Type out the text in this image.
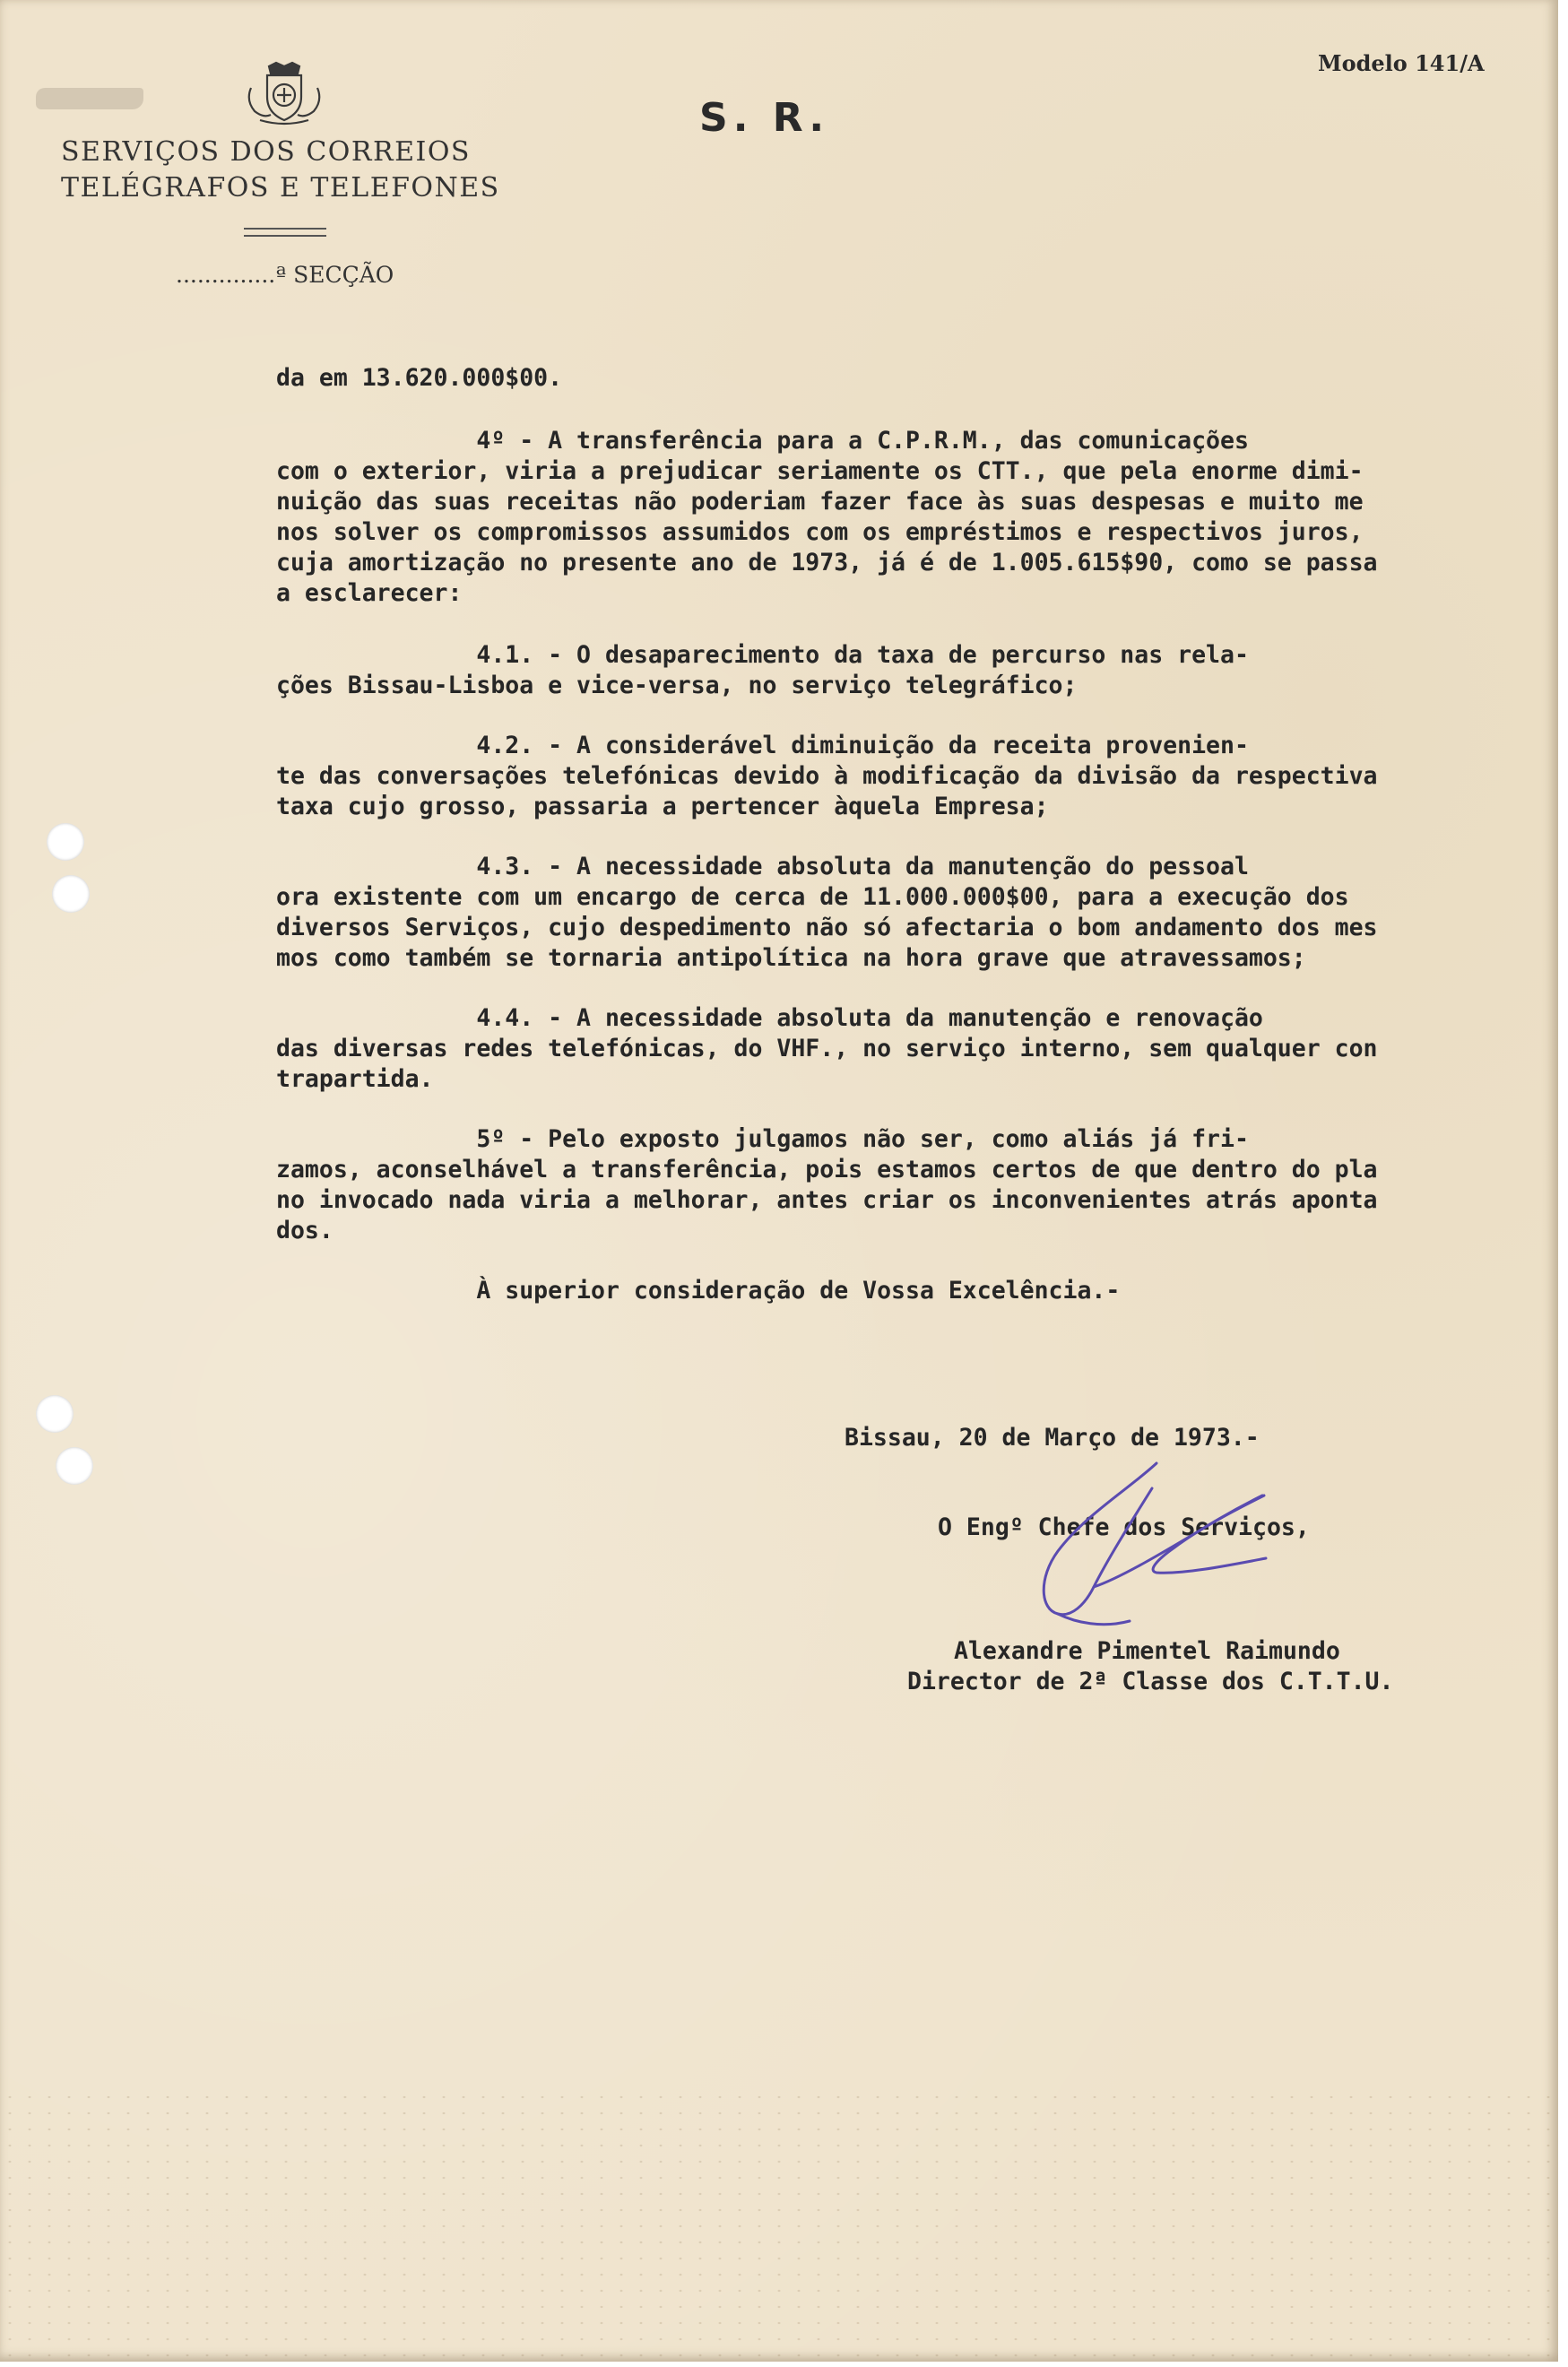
SERVIÇOS DOS CORREIOS
TELÉGRAFOS E TELEFONES
..............ª SECÇÃO
S. R.
Modelo 141/A
da em 13.620.000$00.
4º - A transferência para a C.P.R.M., das comunicações
com o exterior, viria a prejudicar seriamente os CTT., que pela enorme dimi-
nuição das suas receitas não poderiam fazer face às suas despesas e muito me
nos solver os compromissos assumidos com os empréstimos e respectivos juros,
cuja amortização no presente ano de 1973, já é de 1.005.615$90, como se passa
a esclarecer:
4.1. - O desaparecimento da taxa de percurso nas rela-
ções Bissau-Lisboa e vice-versa, no serviço telegráfico;
4.2. - A considerável diminuição da receita provenien-
te das conversações telefónicas devido à modificação da divisão da respectiva
taxa cujo grosso, passaria a pertencer àquela Empresa;
4.3. - A necessidade absoluta da manutenção do pessoal
ora existente com um encargo de cerca de 11.000.000$00, para a execução dos
diversos Serviços, cujo despedimento não só afectaria o bom andamento dos mes
mos como também se tornaria antipolítica na hora grave que atravessamos;
4.4. - A necessidade absoluta da manutenção e renovação
das diversas redes telefónicas, do VHF., no serviço interno, sem qualquer con
trapartida.
5º - Pelo exposto julgamos não ser, como aliás já fri-
zamos, aconselhável a transferência, pois estamos certos de que dentro do pla
no invocado nada viria a melhorar, antes criar os inconvenientes atrás aponta
dos.
À superior consideração de Vossa Excelência.-
Bissau, 20 de Março de 1973.-
O Engº Chefe dos Serviços,
Alexandre Pimentel Raimundo
Director de 2ª Classe dos C.T.T.U.
